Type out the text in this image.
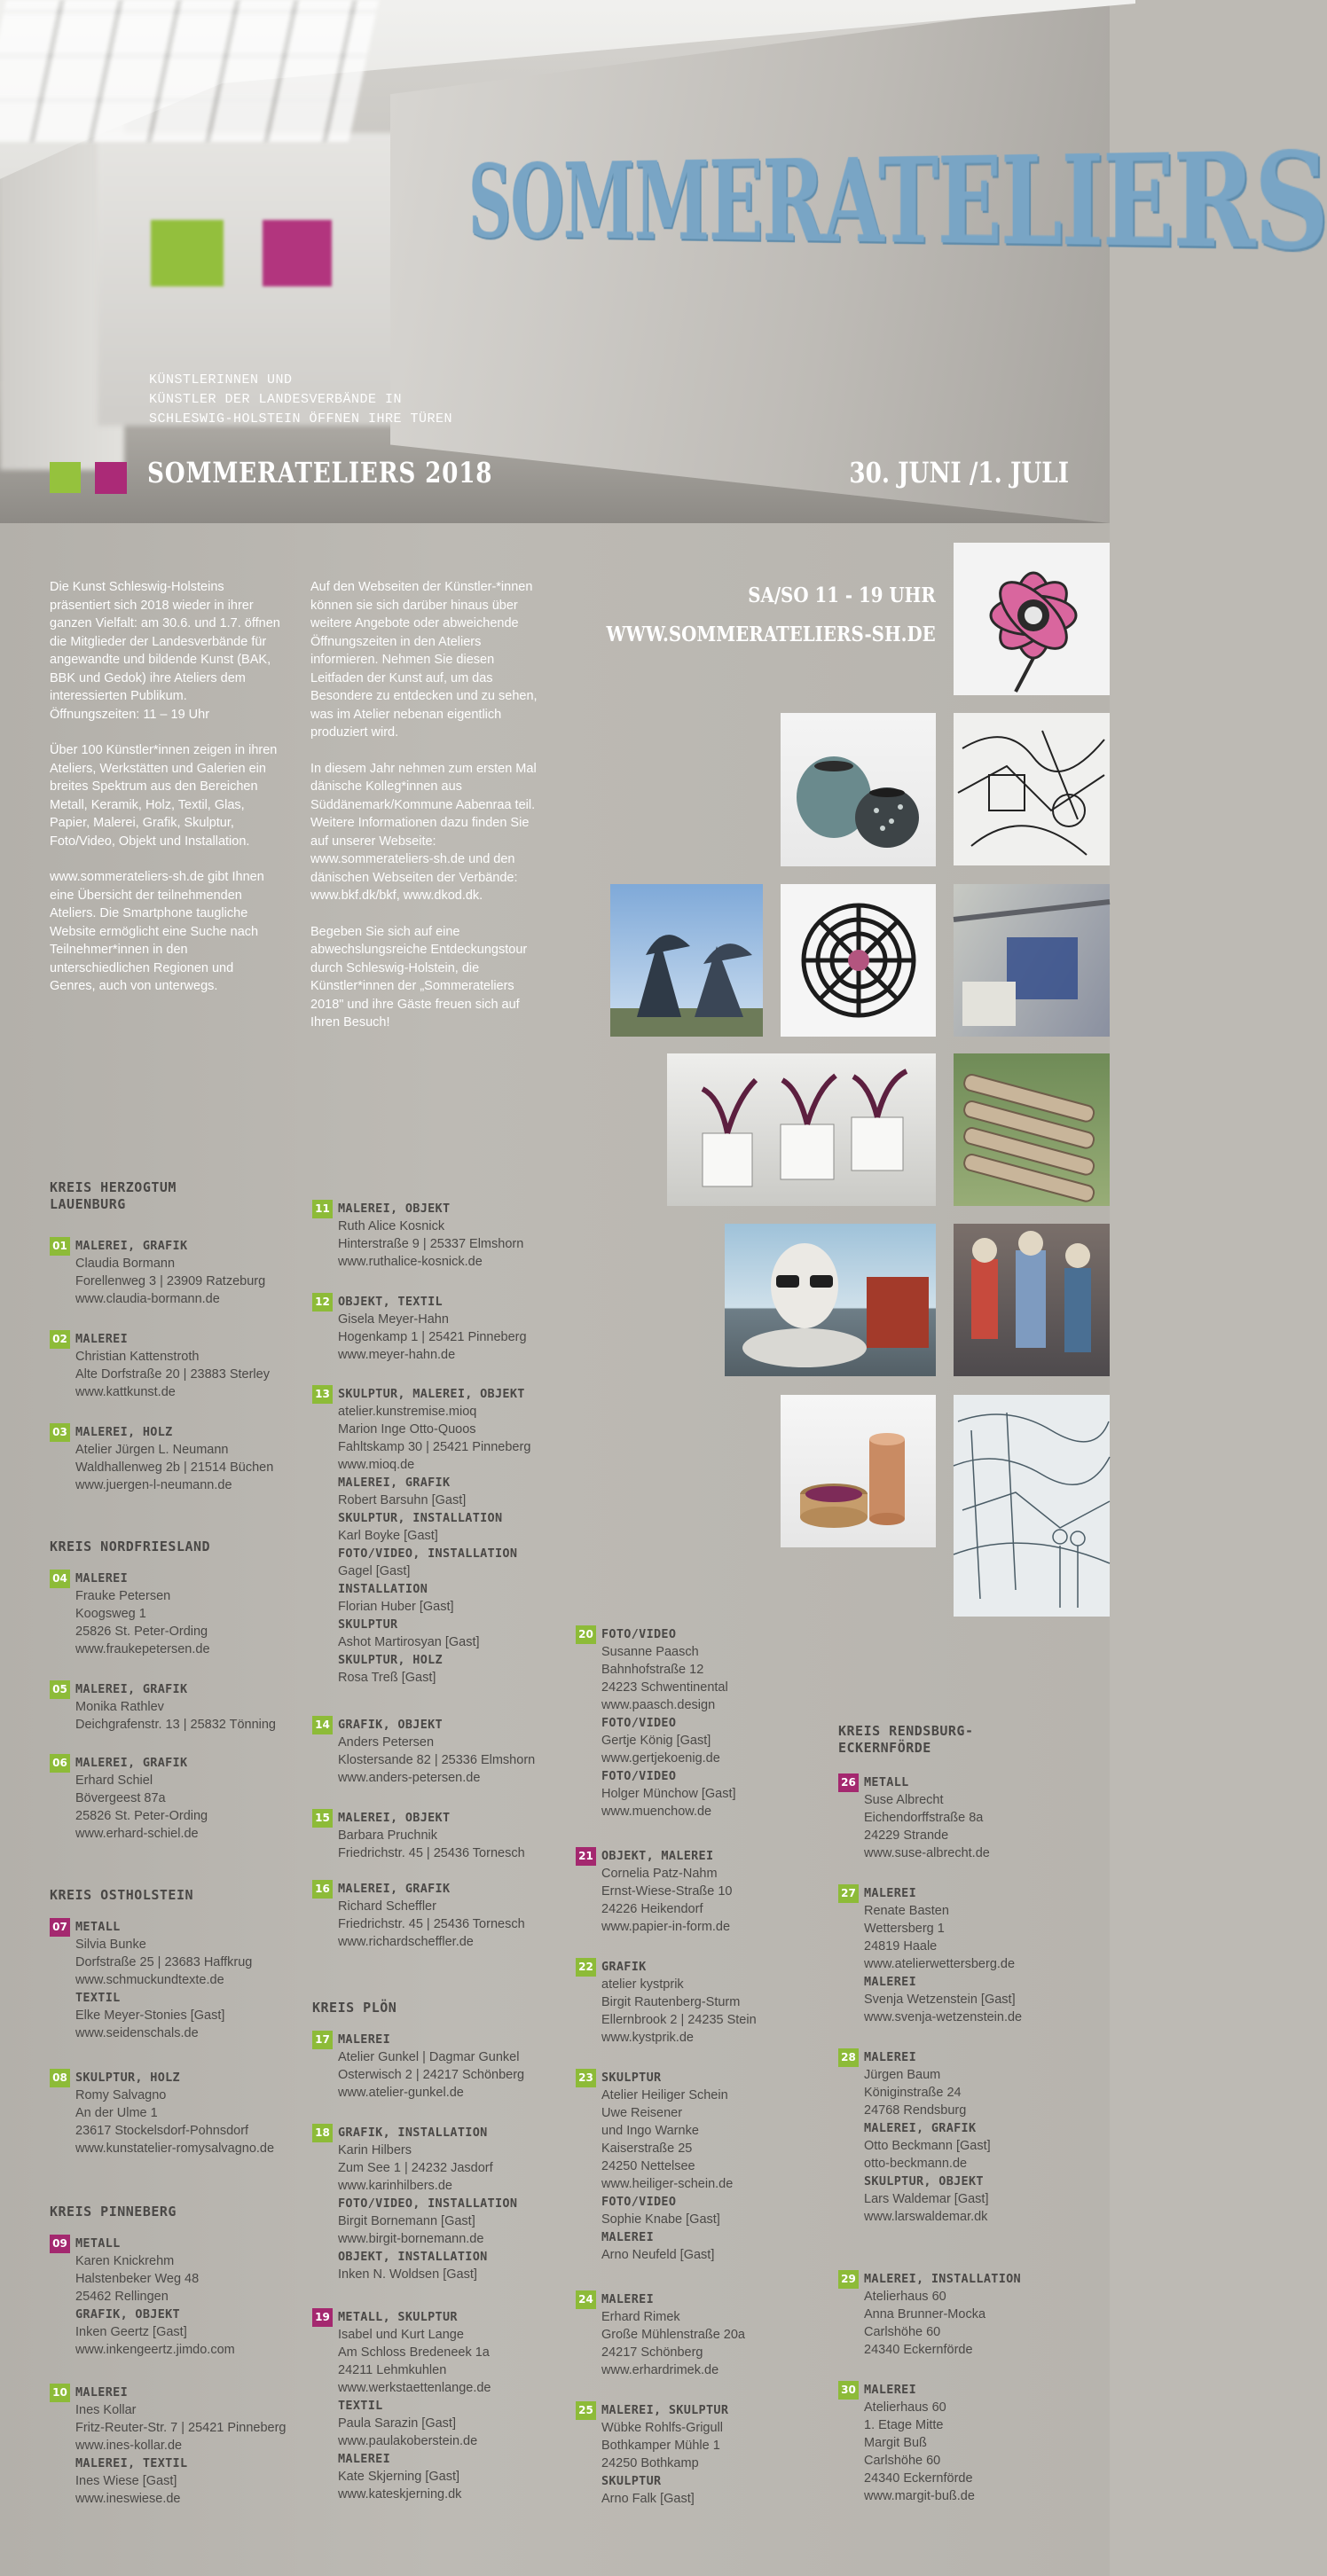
SOMMERATELIERS
KÜNSTLERINNEN UND
KÜNSTLER DER LANDESVERBÄNDE IN
SCHLESWIG-HOLSTEIN ÖFFNEN IHRE TÜREN
SOMMERATELIERS 2018	30. JUNI /1. JULI

Die Kunst Schleswig-Holsteins präsentiert sich 2018 wieder in ihrer ganzen Vielfalt: am 30.6. und 1.7. öffnen die Mitglieder der Landesverbände für angewandte und bildende Kunst (BAK, BBK und Gedok) ihre Ateliers dem interessierten Publikum. Öffnungszeiten: 11 – 19 Uhr

Über 100 Künstler*innen zeigen in ihren Ateliers, Werkstätten und Galerien ein breites Spektrum aus den Bereichen Metall, Keramik, Holz, Textil, Glas, Papier, Malerei, Grafik, Skulptur, Foto/Video, Objekt und Installation.

www.sommerateliers-sh.de gibt Ihnen eine Übersicht der teilnehmenden Ateliers. Die Smartphone taugliche Website ermöglicht eine Suche nach Teilnehmer*innen in den unterschiedlichen Regionen und Genres, auch von unterwegs.

Auf den Webseiten der Künstler-*innen können sie sich darüber hinaus über weitere Angebote oder abweichende Öffnungszeiten in den Ateliers informieren. Nehmen Sie diesen Leitfaden der Kunst auf, um das Besondere zu entdecken und zu sehen, was im Atelier nebenan eigentlich produziert wird.

In diesem Jahr nehmen zum ersten Mal dänische Kolleg*innen aus Süddänemark/Kommune Aabenraa teil. Weitere Informationen dazu finden Sie auf unserer Webseite: www.sommerateliers-sh.de und den dänischen Webseiten der Verbände: www.bkf.dk/bkf, www.dkod.dk.

Begeben Sie sich auf eine abwechslungsreiche Entdeckungstour durch Schleswig-Holstein, die Künstler*innen der „Sommerateliers 2018" und ihre Gäste freuen sich auf Ihren Besuch!

SA/SO 11 - 19 UHR
WWW.SOMMERATELIERS-SH.DE
KREIS HERZOGTUM
LAUENBURG
KREIS NORDFRIESLAND
KREIS OSTHOLSTEIN
KREIS PINNEBERG
KREIS PLÖN
KREIS RENDSBURG-
ECKERNFÖRDE
01 MALEREI, GRAFIK
Claudia Bormann
Forellenweg 3 | 23909 Ratzeburg
www.claudia-bormann.de
02 MALEREI
Christian Kattenstroth
Alte Dorfstraße 20 | 23883 Sterley
www.kattkunst.de
03 MALEREI, HOLZ
Atelier Jürgen L. Neumann
Waldhallenweg 2b | 21514 Büchen
www.juergen-l-neumann.de
04 MALEREI
Frauke Petersen
Koogsweg 1
25826 St. Peter-Ording
www.fraukepetersen.de
05 MALEREI, GRAFIK
Monika Rathlev
Deichgrafenstr. 13 | 25832 Tönning
06 MALEREI, GRAFIK
Erhard Schiel
Bövergeest 87a
25826 St. Peter-Ording
www.erhard-schiel.de
07 METALL
Silvia Bunke
Dorfstraße 25 | 23683 Haffkrug
www.schmuckundtexte.de
TEXTIL
Elke Meyer-Stonies [Gast]
www.seidenschals.de
08 SKULPTUR, HOLZ
Romy Salvagno
An der Ulme 1
23617 Stockelsdorf-Pohnsdorf
www.kunstatelier-romysalvagno.de
09 METALL
Karen Knickrehm
Halstenbeker Weg 48
25462 Rellingen
GRAFIK, OBJEKT
Inken Geertz [Gast]
www.inkengeertz.jimdo.com
10 MALEREI
Ines Kollar
Fritz-Reuter-Str. 7 | 25421 Pinneberg
www.ines-kollar.de
MALEREI, TEXTIL
Ines Wiese [Gast]
www.ineswiese.de
11 MALEREI, OBJEKT
Ruth Alice Kosnick
Hinterstraße 9 | 25337 Elmshorn
www.ruthalice-kosnick.de
12 OBJEKT, TEXTIL
Gisela Meyer-Hahn
Hogenkamp 1 | 25421 Pinneberg
www.meyer-hahn.de
13 SKULPTUR, MALEREI, OBJEKT
atelier.kunstremise.mioq
Marion Inge Otto-Quoos
Fahltskamp 30 | 25421 Pinneberg
www.mioq.de
MALEREI, GRAFIK
Robert Barsuhn [Gast]
SKULPTUR, INSTALLATION
Karl Boyke [Gast]
FOTO/VIDEO, INSTALLATION
Gagel [Gast]
INSTALLATION
Florian Huber [Gast]
SKULPTUR
Ashot Martirosyan [Gast]
SKULPTUR, HOLZ
Rosa Treß [Gast]
14 GRAFIK, OBJEKT
Anders Petersen
Klostersande 82 | 25336 Elmshorn
www.anders-petersen.de
15 MALEREI, OBJEKT
Barbara Pruchnik
Friedrichstr. 45 | 25436 Tornesch
16 MALEREI, GRAFIK
Richard Scheffler
Friedrichstr. 45 | 25436 Tornesch
www.richardscheffler.de
17 MALEREI
Atelier Gunkel | Dagmar Gunkel
Osterwisch 2 | 24217 Schönberg
www.atelier-gunkel.de
18 GRAFIK, INSTALLATION
Karin Hilbers
Zum See 1 | 24232 Jasdorf
www.karinhilbers.de
FOTO/VIDEO, INSTALLATION
Birgit Bornemann [Gast]
www.birgit-bornemann.de
OBJEKT, INSTALLATION
Inken N. Woldsen [Gast]
19 METALL, SKULPTUR
Isabel und Kurt Lange
Am Schloss Bredeneek 1a
24211 Lehmkuhlen
www.werkstaettenlange.de
TEXTIL
Paula Sarazin [Gast]
www.paulakoberstein.de
MALEREI
Kate Skjerning [Gast]
www.kateskjerning.dk
20 FOTO/VIDEO
Susanne Paasch
Bahnhofstraße 12
24223 Schwentinental
www.paasch.design
FOTO/VIDEO
Gertje König [Gast]
www.gertjekoenig.de
FOTO/VIDEO
Holger Münchow [Gast]
www.muenchow.de
21 OBJEKT, MALEREI
Cornelia Patz-Nahm
Ernst-Wiese-Straße 10
24226 Heikendorf
www.papier-in-form.de
22 GRAFIK
atelier kystprik
Birgit Rautenberg-Sturm
Ellernbrook 2 | 24235 Stein
www.kystprik.de
23 SKULPTUR
Atelier Heiliger Schein
Uwe Reisener
und Ingo Warnke
Kaiserstraße 25
24250 Nettelsee
www.heiliger-schein.de
FOTO/VIDEO
Sophie Knabe [Gast]
MALEREI
Arno Neufeld [Gast]
24 MALEREI
Erhard Rimek
Große Mühlenstraße 20a
24217 Schönberg
www.erhardrimek.de
25 MALEREI, SKULPTUR
Wübke Rohlfs-Grigull
Bothkamper Mühle 1
24250 Bothkamp
SKULPTUR
Arno Falk [Gast]
26 METALL
Suse Albrecht
Eichendorffstraße 8a
24229 Strande
www.suse-albrecht.de
27 MALEREI
Renate Basten
Wettersberg 1
24819 Haale
www.atelierwettersberg.de
MALEREI
Svenja Wetzenstein [Gast]
www.svenja-wetzenstein.de
28 MALEREI
Jürgen Baum
Königinstraße 24
24768 Rendsburg
MALEREI, GRAFIK
Otto Beckmann [Gast]
otto-beckmann.de
SKULPTUR, OBJEKT
Lars Waldemar [Gast]
www.larswaldemar.dk
29 MALEREI, INSTALLATION
Atelierhaus 60
Anna Brunner-Mocka
Carlshöhe 60
24340 Eckernförde
30 MALEREI
Atelierhaus 60
1. Etage Mitte
Margit Buß
Carlshöhe 60
24340 Eckernförde
www.margit-buß.de
